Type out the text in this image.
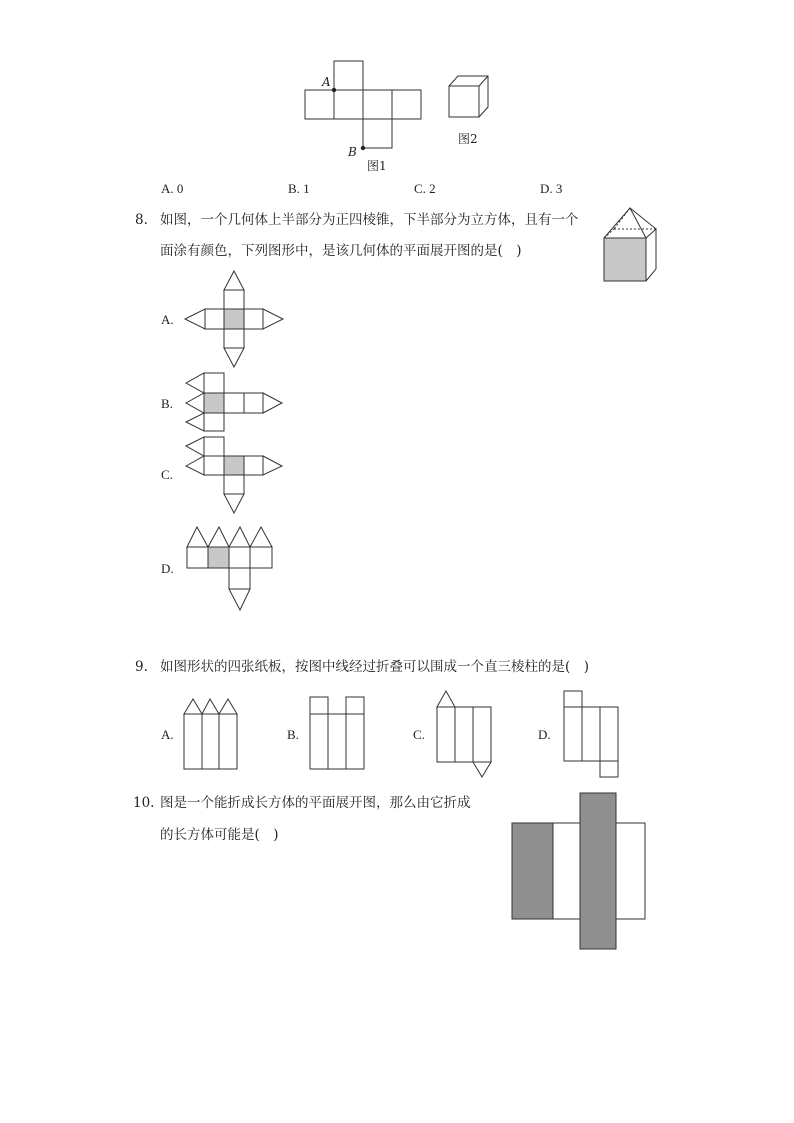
A
B
图1
图2
A. 0	B. 1	C. 2	D. 3
8. 如图，一个几何体上半部分为正四棱锥，下半部分为立方体，且有一个
面涂有颜色，下列图形中，是该几何体的平面展开图的是(　)
A.
B.
C.
D.
9. 如图形状的四张纸板，按图中线经过折叠可以围成一个直三棱柱的是(　)
A.	B.	C.	D.
10. 图是一个能折成长方体的平面展开图，那么由它折成
的长方体可能是(　)
